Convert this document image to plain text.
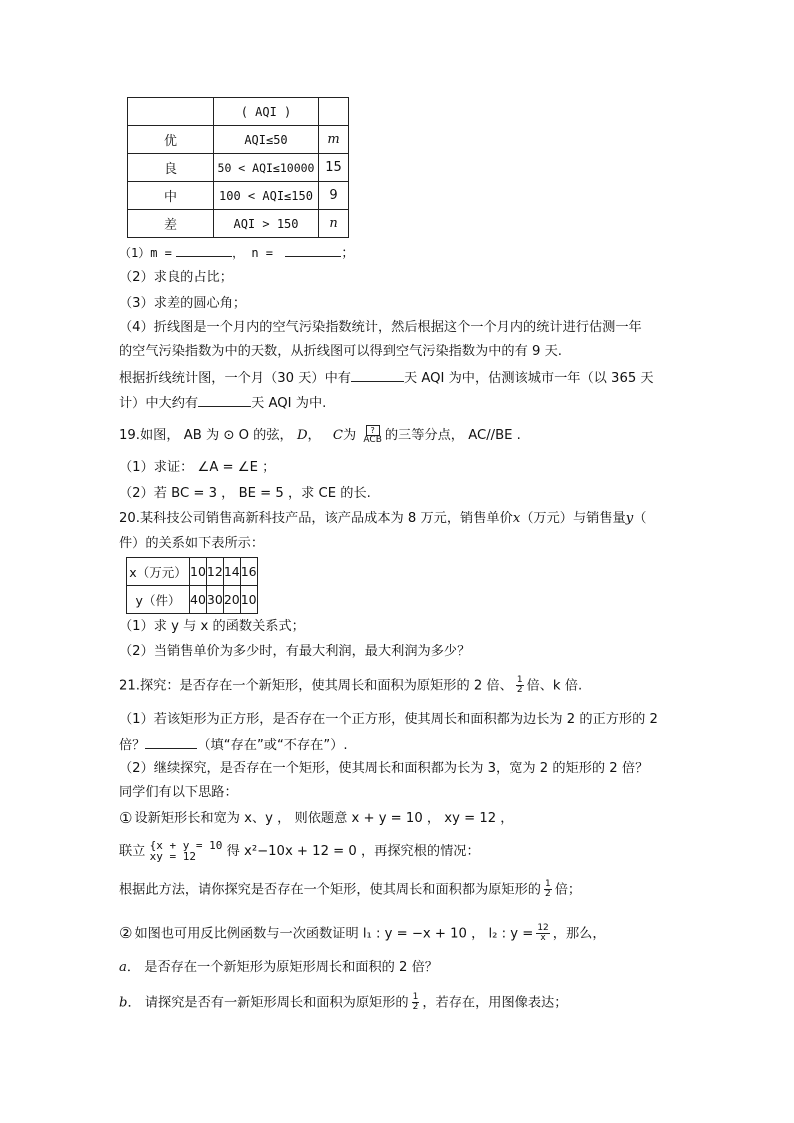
	( AQI )	
优	AQI≤50	m
良	50 < AQI≤10000	15
中	100 < AQI≤150	9
差	AQI > 150	n
（1）m =	， n =	；
（2）求良的占比；
（3）求差的圆心角；
（4）折线图是一个月内的空气污染指数统计，然后根据这个一个月内的统计进行估测一年
的空气污染指数为中的天数，从折线图可以得到空气污染指数为中的有 9 天.
根据折线统计图，一个月（30 天）中有	天 AQI 为中，估测该城市一年（以 365 天
计）中大约有	天 AQI 为中.
19.如图， AB 为 ⊙ O 的弦， D， C为 ?
ACB 的三等分点， AC//BE .
（1）求证： ∠A = ∠E ；
（2）若 BC = 3 ， BE = 5 ，求 CE 的长.
20.某科技公司销售高新科技产品，该产品成本为 8 万元，销售单价x（万元）与销售量y（
件）的关系如下表所示：
x（万元）	10	12	14	16
y（件）	40	30	20	10
（1）求 y 与 x 的函数关系式；
（2）当销售单价为多少时，有最大利润，最大利润为多少？
21.探究：是否存在一个新矩形，使其周长和面积为原矩形的 2 倍、 $\frac{1}{2}$ 倍、k 倍.
（1）若该矩形为正方形，是否存在一个正方形，使其周长和面积都为边长为 2 的正方形的 2
倍？	（填“存在”或“不存在”）.
（2）继续探究，是否存在一个矩形，使其周长和面积都为长为 3，宽为 2 的矩形的 2 倍？
同学们有以下思路：
① 设新矩形长和宽为 x、y ， 则依题意 x + y = 10 ， xy = 12 ，
联立 {x + y = 10
xy = 12 得 x²−10x + 12 = 0 ，再探究根的情况：
根据此方法，请你探究是否存在一个矩形，使其周长和面积都为原矩形的 $\frac{1}{2}$ 倍；
② 如图也可用反比例函数与一次函数证明 l₁ : y = −x + 10 ， l₂ : $y = \frac{12}{x}$ ，那么，
a． 是否存在一个新矩形为原矩形周长和面积的 2 倍？
b． 请探究是否有一新矩形周长和面积为原矩形的 $\frac{1}{2}$ ，若存在，用图像表达；
